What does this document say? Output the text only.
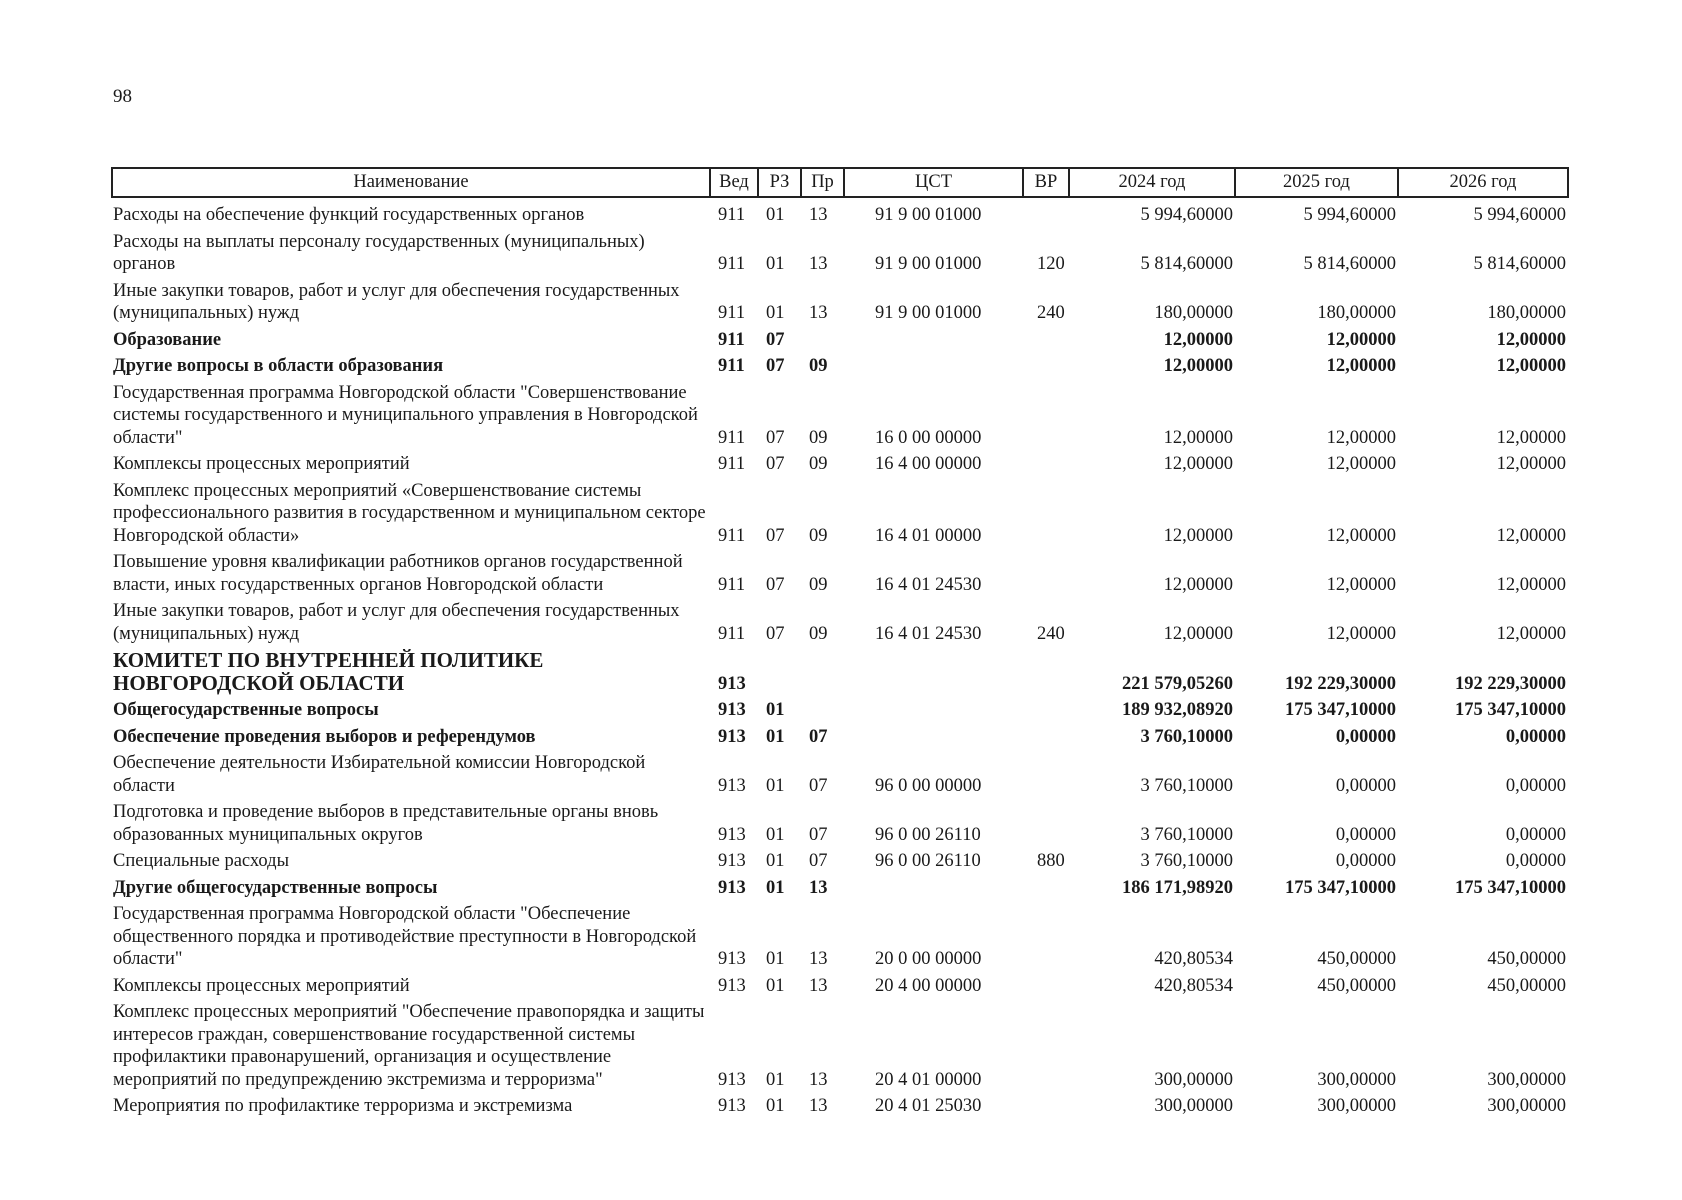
98
Наименование	Вед	РЗ	Пр	ЦСТ	ВР	2024 год	2025 год	2026 год
Расходы на обеспечение функций государственных органов	911	01	13	91 9 00 01000		5 994,60000	5 994,60000	5 994,60000
Расходы на выплаты персоналу государственных (муниципальных) органов	911	01	13	91 9 00 01000	120	5 814,60000	5 814,60000	5 814,60000
Иные закупки товаров, работ и услуг для обеспечения государственных (муниципальных) нужд	911	01	13	91 9 00 01000	240	180,00000	180,00000	180,00000
Образование	911	07				12,00000	12,00000	12,00000
Другие вопросы в области образования	911	07	09			12,00000	12,00000	12,00000
Государственная программа Новгородской области "Совершенствование системы государственного и муниципального управления в Новгородской области"	911	07	09	16 0 00 00000		12,00000	12,00000	12,00000
Комплексы процессных мероприятий	911	07	09	16 4 00 00000		12,00000	12,00000	12,00000
Комплекс процессных мероприятий «Совершенствование системы профессионального развития в государственном и муниципальном секторе Новгородской области»	911	07	09	16 4 01 00000		12,00000	12,00000	12,00000
Повышение уровня квалификации работников органов государственной власти, иных государственных органов Новгородской области	911	07	09	16 4 01 24530		12,00000	12,00000	12,00000
Иные закупки товаров, работ и услуг для обеспечения государственных (муниципальных) нужд	911	07	09	16 4 01 24530	240	12,00000	12,00000	12,00000
КОМИТЕТ ПО ВНУТРЕННЕЙ ПОЛИТИКЕ НОВГОРОДСКОЙ ОБЛАСТИ	913					221 579,05260	192 229,30000	192 229,30000
Общегосударственные вопросы	913	01				189 932,08920	175 347,10000	175 347,10000
Обеспечение проведения выборов и референдумов	913	01	07			3 760,10000	0,00000	0,00000
Обеспечение деятельности Избирательной комиссии Новгородской области	913	01	07	96 0 00 00000		3 760,10000	0,00000	0,00000
Подготовка и проведение выборов в представительные органы вновь образованных муниципальных округов	913	01	07	96 0 00 26110		3 760,10000	0,00000	0,00000
Специальные расходы	913	01	07	96 0 00 26110	880	3 760,10000	0,00000	0,00000
Другие общегосударственные вопросы	913	01	13			186 171,98920	175 347,10000	175 347,10000
Государственная программа Новгородской области "Обеспечение общественного порядка и противодействие преступности в Новгородской области"	913	01	13	20 0 00 00000		420,80534	450,00000	450,00000
Комплексы процессных мероприятий	913	01	13	20 4 00 00000		420,80534	450,00000	450,00000
Комплекс процессных мероприятий "Обеспечение правопорядка и защиты интересов граждан, совершенствование государственной системы профилактики правонарушений, организация и осуществление мероприятий по предупреждению экстремизма и терроризма"	913	01	13	20 4 01 00000		300,00000	300,00000	300,00000
Мероприятия по профилактике терроризма и экстремизма	913	01	13	20 4 01 25030		300,00000	300,00000	300,00000
